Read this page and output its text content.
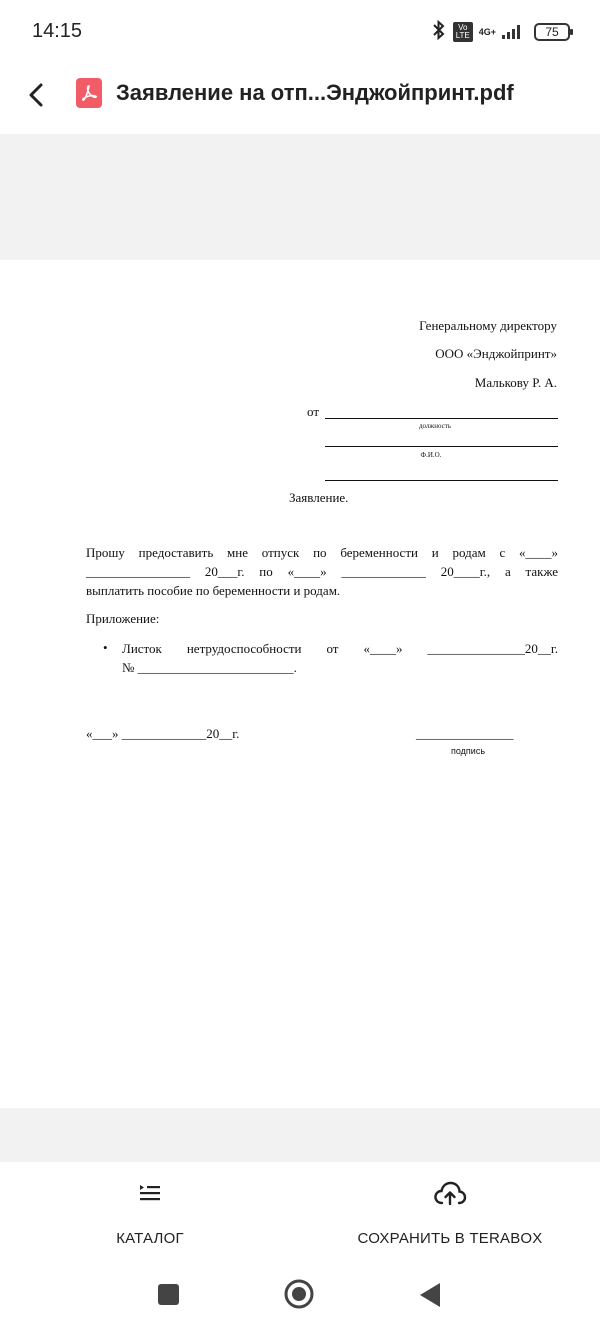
14:15	Vo LTE 4G+	75
Заявление на отп...Энджойпринт.pdf
Генеральному директору
ООО «Энджойпринт»
Малькову Р. А.
от
должность
Ф.И.О.
Заявление.
Прошу предоставить мне отпуск по беременности и родам с «____»
________________ 20___г. по «____» _____________ 20____г., а также
выплатить пособие по беременности и родам.
Приложение:
• Листок нетрудоспособности от «____» _______________20__г.
№ ________________________.
«___» _____________20__г.	_______________
подпись
КАТАЛОГ	СОХРАНИТЬ В TERABOX
